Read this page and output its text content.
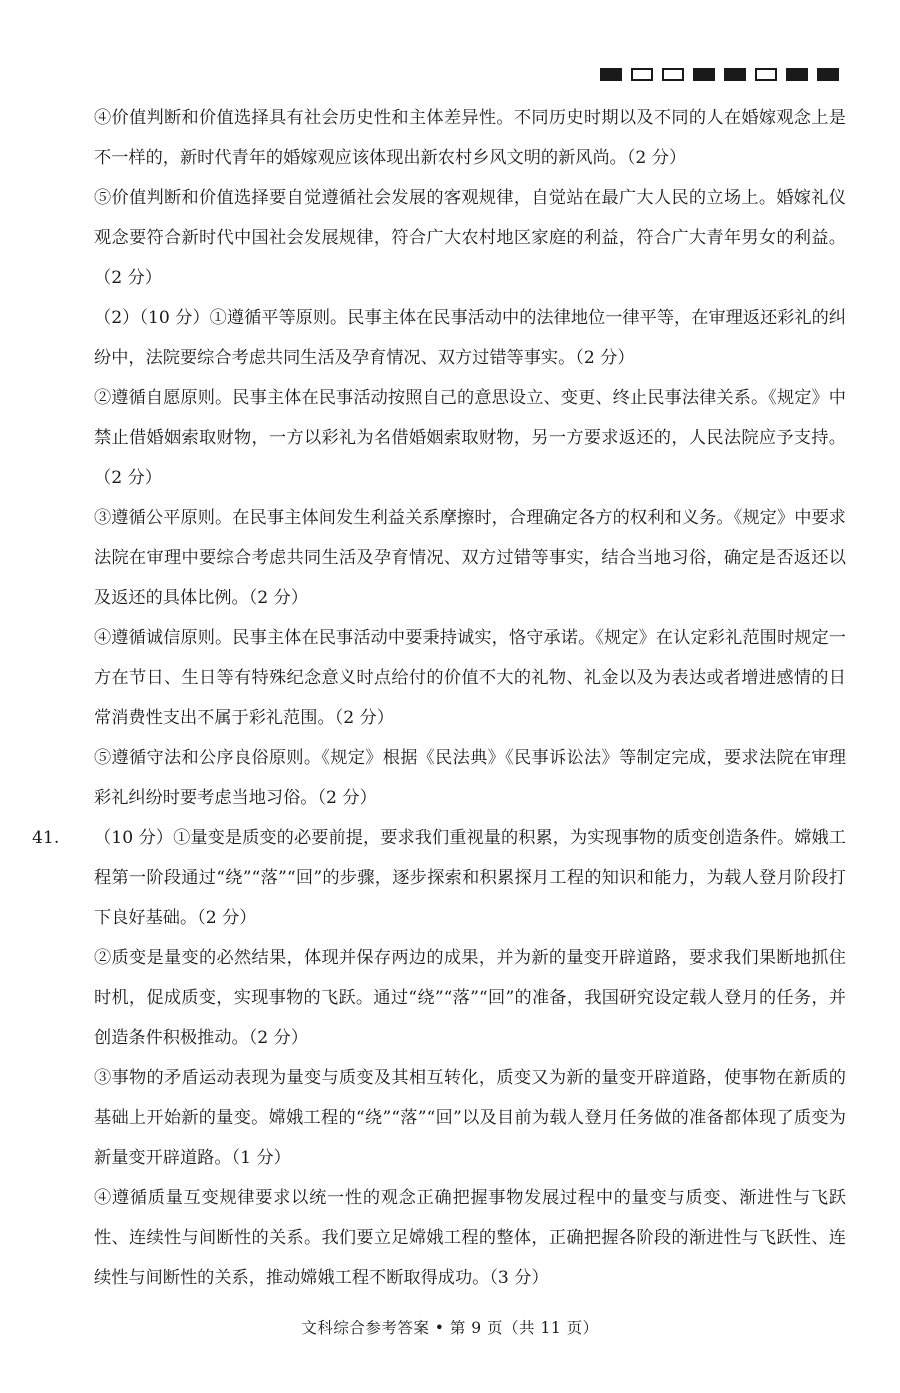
④价值判断和价值选择具有社会历史性和主体差异性。不同历史时期以及不同的人在婚嫁观念上是不一样的，新时代青年的婚嫁观应该体现出新农村乡风文明的新风尚。（2 分）

⑤价值判断和价值选择要自觉遵循社会发展的客观规律，自觉站在最广大人民的立场上。婚嫁礼仪观念要符合新时代中国社会发展规律，符合广大农村地区家庭的利益，符合广大青年男女的利益。（2 分）

（2）（10 分）①遵循平等原则。民事主体在民事活动中的法律地位一律平等，在审理返还彩礼的纠纷中，法院要综合考虑共同生活及孕育情况、双方过错等事实。（2 分）

②遵循自愿原则。民事主体在民事活动按照自己的意思设立、变更、终止民事法律关系。《规定》中禁止借婚姻索取财物，一方以彩礼为名借婚姻索取财物，另一方要求返还的，人民法院应予支持。（2 分）

③遵循公平原则。在民事主体间发生利益关系摩擦时，合理确定各方的权利和义务。《规定》中要求法院在审理中要综合考虑共同生活及孕育情况、双方过错等事实，结合当地习俗，确定是否返还以及返还的具体比例。（2 分）

④遵循诚信原则。民事主体在民事活动中要秉持诚实，恪守承诺。《规定》在认定彩礼范围时规定一方在节日、生日等有特殊纪念意义时点给付的价值不大的礼物、礼金以及为表达或者增进感情的日常消费性支出不属于彩礼范围。（2 分）

⑤遵循守法和公序良俗原则。《规定》根据《民法典》《民事诉讼法》等制定完成，要求法院在审理彩礼纠纷时要考虑当地习俗。（2 分）

41. （10 分）①量变是质变的必要前提，要求我们重视量的积累，为实现事物的质变创造条件。嫦娥工程第一阶段通过“绕”“落”“回”的步骤，逐步探索和积累探月工程的知识和能力，为载人登月阶段打下良好基础。（2 分）

②质变是量变的必然结果，体现并保存两边的成果，并为新的量变开辟道路，要求我们果断地抓住时机，促成质变，实现事物的飞跃。通过“绕”“落”“回”的准备，我国研究设定载人登月的任务，并创造条件积极推动。（2 分）

③事物的矛盾运动表现为量变与质变及其相互转化，质变又为新的量变开辟道路，使事物在新质的基础上开始新的量变。嫦娥工程的“绕”“落”“回”以及目前为载人登月任务做的准备都体现了质变为新量变开辟道路。（1 分）

④遵循质量互变规律要求以统一性的观念正确把握事物发展过程中的量变与质变、渐进性与飞跃性、连续性与间断性的关系。我们要立足嫦娥工程的整体，正确把握各阶段的渐进性与飞跃性、连续性与间断性的关系，推动嫦娥工程不断取得成功。（3 分）

文科综合参考答案 • 第 9 页（共 11 页）
